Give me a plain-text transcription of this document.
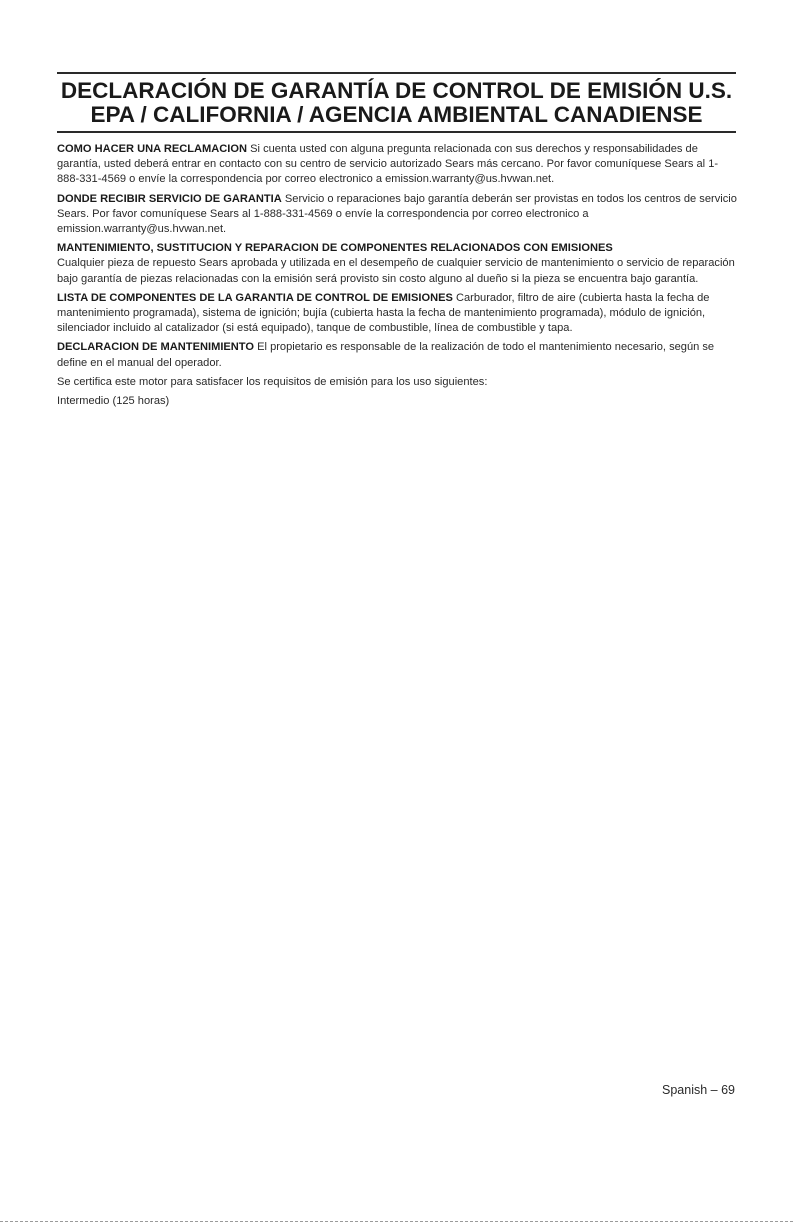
DECLARACIÓN DE GARANTÍA DE CONTROL DE EMISIÓN U.S.
EPA / CALIFORNIA / AGENCIA AMBIENTAL CANADIENSE

COMO HACER UNA RECLAMACION Si cuenta usted con alguna pregunta relacionada con sus derechos y responsabilidades de garantía, usted deberá entrar en contacto con su centro de servicio autorizado Sears más cercano. Por favor comuníquese Sears al 1-888-331-4569 o envíe la correspondencia por correo electronico a emission.warranty@us.hvwan.net.

DONDE RECIBIR SERVICIO DE GARANTIA Servicio o reparaciones bajo garantía deberán ser provistas en todos los centros de servicio Sears. Por favor comuníquese Sears al 1-888-331-4569 o envíe la correspondencia por correo electronico a emission.warranty@us.hvwan.net.

MANTENIMIENTO, SUSTITUCION Y REPARACION DE COMPONENTES RELACIONADOS CON EMISIONES
Cualquier pieza de repuesto Sears aprobada y utilizada en el desempeño de cualquier servicio de mantenimiento o servicio de reparación bajo garantía de piezas relacionadas con la emisión será provisto sin costo alguno al dueño si la pieza se encuentra bajo garantía.

LISTA DE COMPONENTES DE LA GARANTIA DE CONTROL DE EMISIONES Carburador, filtro de aire (cubierta hasta la fecha de mantenimiento programada), sistema de ignición; bujía (cubierta hasta la fecha de mantenimiento programada), módulo de ignición, silenciador incluido al catalizador (si está equipado), tanque de combustible, línea de combustible y tapa.

DECLARACION DE MANTENIMIENTO El propietario es responsable de la realización de todo el mantenimiento necesario, según se define en el manual del operador.

Se certifica este motor para satisfacer los requisitos de emisión para los uso siguientes:

Intermedio (125 horas)

Spanish – 69
